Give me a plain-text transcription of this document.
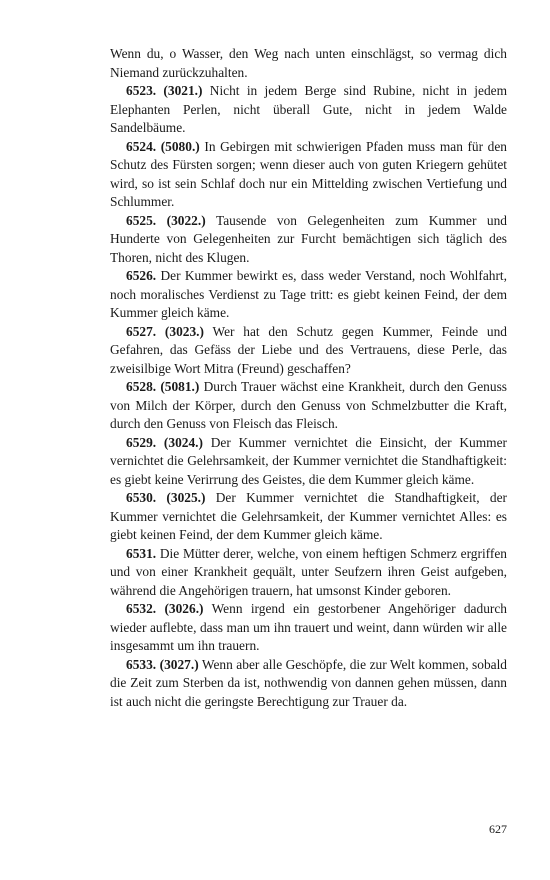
Wenn du, o Wasser, den Weg nach unten einschlägst, so vermag dich Niemand zurückzuhalten.

6523. (3021.) Nicht in jedem Berge sind Rubine, nicht in jedem Elephanten Perlen, nicht überall Gute, nicht in jedem Walde Sandelbäume.

6524. (5080.) In Gebirgen mit schwierigen Pfaden muss man für den Schutz des Fürsten sorgen; wenn dieser auch von guten Kriegern gehütet wird, so ist sein Schlaf doch nur ein Mittelding zwischen Vertiefung und Schlummer.

6525. (3022.) Tausende von Gelegenheiten zum Kummer und Hunderte von Gelegenheiten zur Furcht bemächtigen sich täglich des Thoren, nicht des Klugen.

6526. Der Kummer bewirkt es, dass weder Verstand, noch Wohlfahrt, noch moralisches Verdienst zu Tage tritt: es giebt keinen Feind, der dem Kummer gleich käme.

6527. (3023.) Wer hat den Schutz gegen Kummer, Feinde und Gefahren, das Gefäss der Liebe und des Vertrauens, diese Perle, das zweisilbige Wort Mitra (Freund) geschaffen?

6528. (5081.) Durch Trauer wächst eine Krankheit, durch den Genuss von Milch der Körper, durch den Genuss von Schmelzbutter die Kraft, durch den Genuss von Fleisch das Fleisch.

6529. (3024.) Der Kummer vernichtet die Einsicht, der Kummer vernichtet die Gelehrsamkeit, der Kummer vernichtet die Standhaftigkeit: es giebt keine Verirrung des Geistes, die dem Kummer gleich käme.

6530. (3025.) Der Kummer vernichtet die Standhaftigkeit, der Kummer vernichtet die Gelehrsamkeit, der Kummer vernichtet Alles: es giebt keinen Feind, der dem Kummer gleich käme.

6531. Die Mütter derer, welche, von einem heftigen Schmerz ergriffen und von einer Krankheit gequält, unter Seufzern ihren Geist aufgeben, während die Angehörigen trauern, hat umsonst Kinder geboren.

6532. (3026.) Wenn irgend ein gestorbener Angehöriger dadurch wieder auflebte, dass man um ihn trauert und weint, dann würden wir alle insgesammt um ihn trauern.

6533. (3027.) Wenn aber alle Geschöpfe, die zur Welt kommen, sobald die Zeit zum Sterben da ist, nothwendig von dannen gehen müssen, dann ist auch nicht die geringste Berechtigung zur Trauer da.

627
